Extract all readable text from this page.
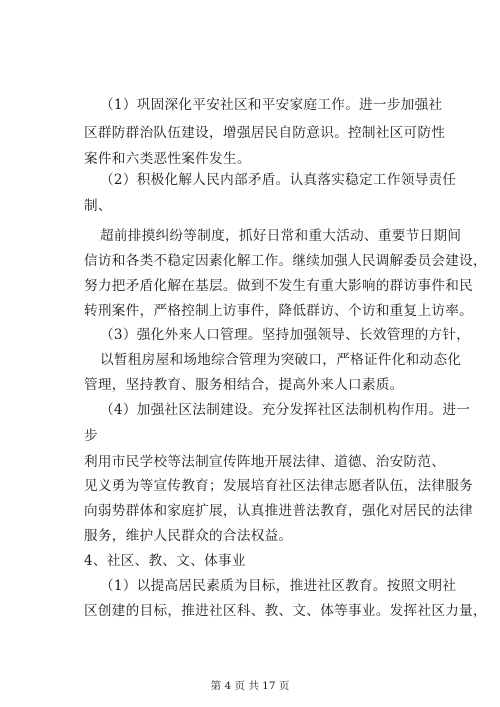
（1）巩固深化平安社区和平安家庭工作。进一步加强社
区群防群治队伍建设，增强居民自防意识。控制社区可防性
案件和六类恶性案件发生。
（2）积极化解人民内部矛盾。认真落实稳定工作领导责任
制、
超前排摸纠纷等制度，抓好日常和重大活动、重要节日期间
信访和各类不稳定因素化解工作。继续加强人民调解委员会建设，
努力把矛盾化解在基层。做到不发生有重大影响的群访事件和民
转刑案件，严格控制上访事件，降低群访、个访和重复上访率。
（3）强化外来人口管理。坚持加强领导、长效管理的方针，
以暂租房屋和场地综合管理为突破口，严格证件化和动态化
管理，坚持教育、服务相结合，提高外来人口素质。
（4）加强社区法制建设。充分发挥社区法制机构作用。进一
步
利用市民学校等法制宣传阵地开展法律、道德、治安防范、
见义勇为等宣传教育；发展培育社区法律志愿者队伍，法律服务
向弱势群体和家庭扩展，认真推进普法教育，强化对居民的法律
服务，维护人民群众的合法权益。
4、社区、教、文、体事业
（1）以提高居民素质为目标，推进社区教育。按照文明社
区创建的目标，推进社区科、教、文、体等事业。发挥社区力量，
第 4 页 共 17 页
